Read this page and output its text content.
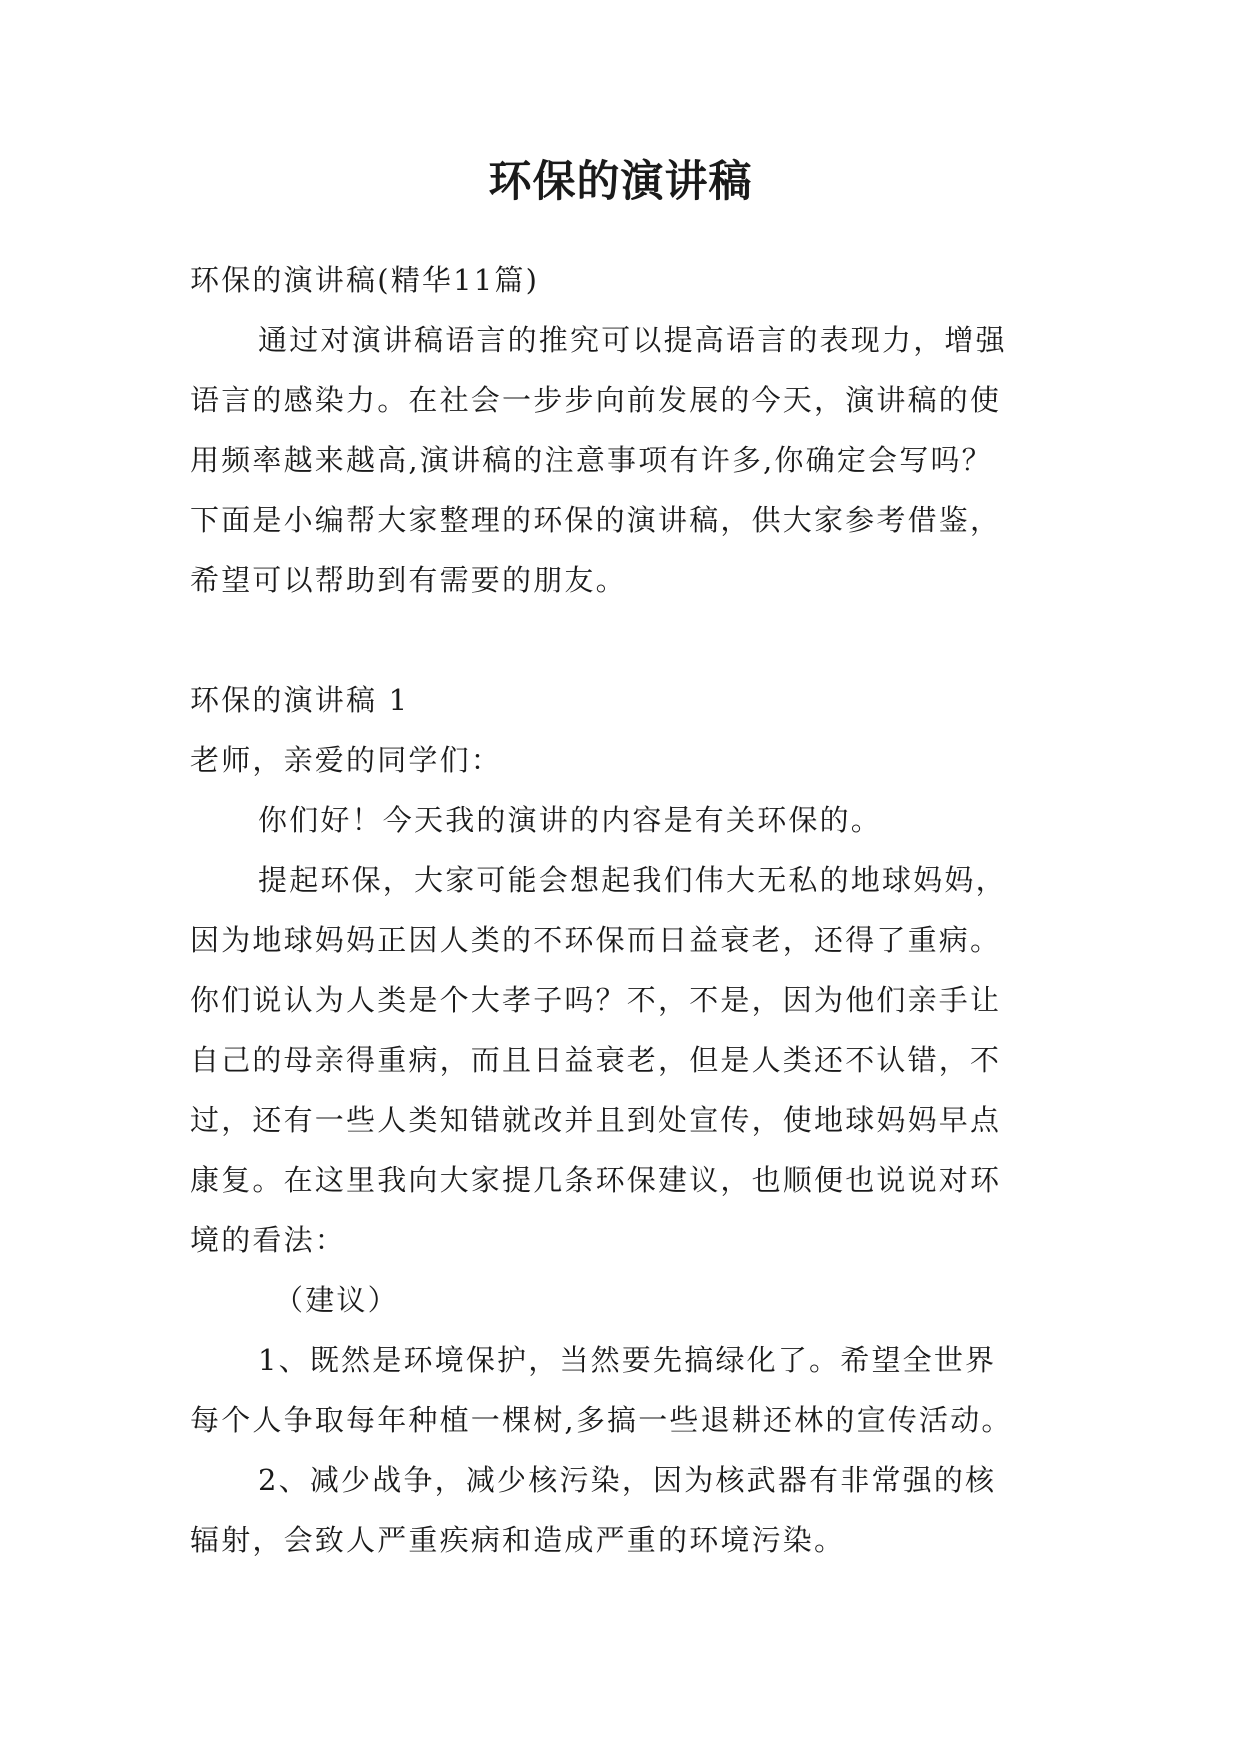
环保的演讲稿
环保的演讲稿(精华11篇)
通过对演讲稿语言的推究可以提高语言的表现力，增强
语言的感染力。在社会一步步向前发展的今天，演讲稿的使
用频率越来越高,演讲稿的注意事项有许多,你确定会写吗？
下面是小编帮大家整理的环保的演讲稿，供大家参考借鉴，
希望可以帮助到有需要的朋友。
环保的演讲稿 1
老师，亲爱的同学们：
你们好！今天我的演讲的内容是有关环保的。
提起环保，大家可能会想起我们伟大无私的地球妈妈，
因为地球妈妈正因人类的不环保而日益衰老，还得了重病。
你们说认为人类是个大孝子吗？不，不是，因为他们亲手让
自己的母亲得重病，而且日益衰老，但是人类还不认错，不
过，还有一些人类知错就改并且到处宣传，使地球妈妈早点
康复。在这里我向大家提几条环保建议，也顺便也说说对环
境的看法：
（建议）
1、既然是环境保护，当然要先搞绿化了。希望全世界
每个人争取每年种植一棵树,多搞一些退耕还林的宣传活动。
2、减少战争，减少核污染，因为核武器有非常强的核
辐射，会致人严重疾病和造成严重的环境污染。
